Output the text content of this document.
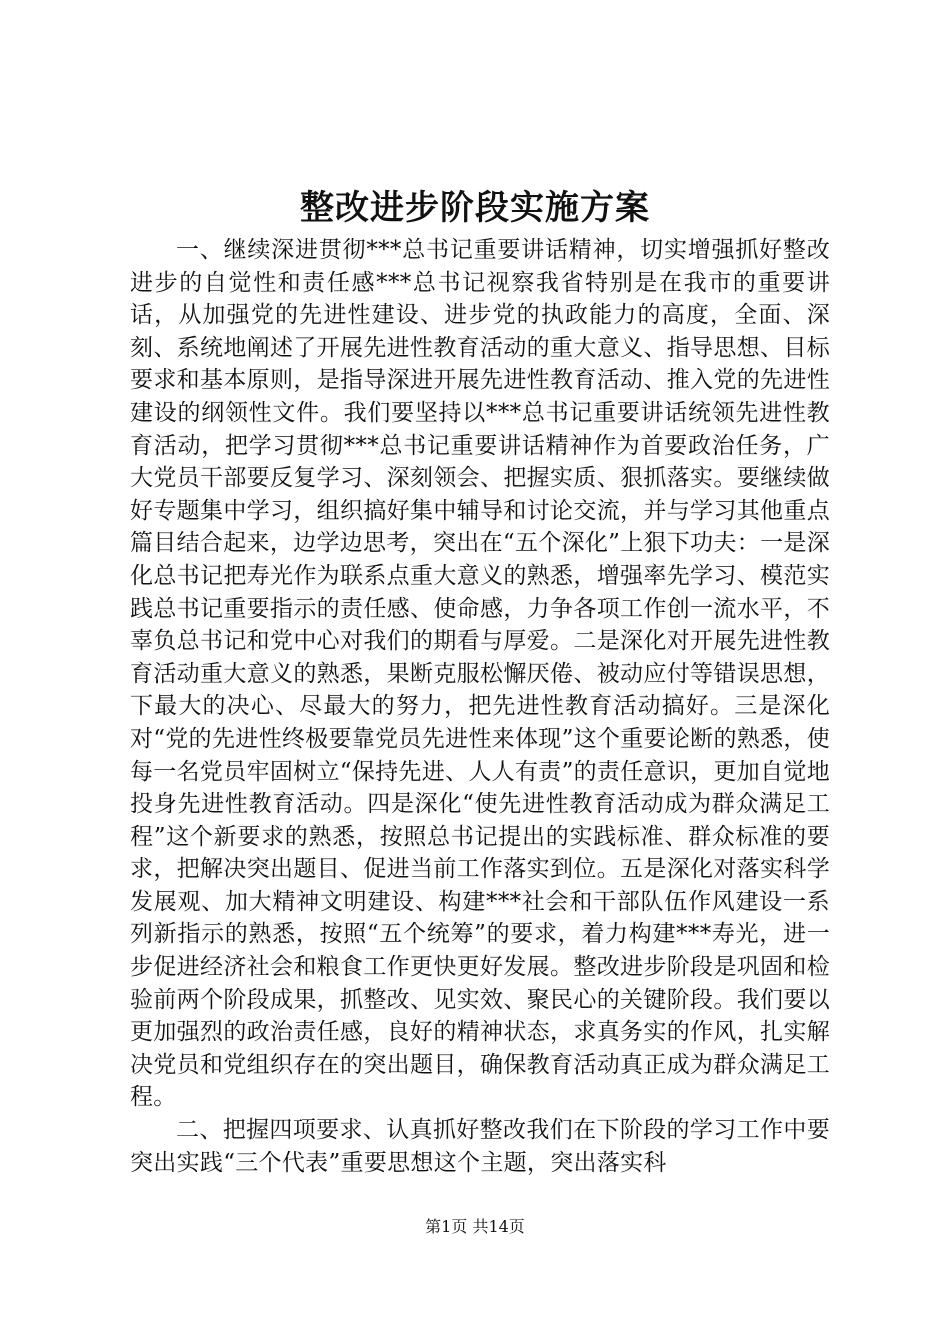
整改进步阶段实施方案

一、继续深进贯彻***总书记重要讲话精神，切实增强抓好整改进步的自觉性和责任感***总书记视察我省特别是在我市的重要讲话，从加强党的先进性建设、进步党的执政能力的高度，全面、深刻、系统地阐述了开展先进性教育活动的重大意义、指导思想、目标要求和基本原则，是指导深进开展先进性教育活动、推入党的先进性建设的纲领性文件。我们要坚持以***总书记重要讲话统领先进性教育活动，把学习贯彻***总书记重要讲话精神作为首要政治任务，广大党员干部要反复学习、深刻领会、把握实质、狠抓落实。要继续做好专题集中学习，组织搞好集中辅导和讨论交流，并与学习其他重点篇目结合起来，边学边思考，突出在“五个深化”上狠下功夫：一是深化总书记把寿光作为联系点重大意义的熟悉，增强率先学习、模范实践总书记重要指示的责任感、使命感，力争各项工作创一流水平，不辜负总书记和党中心对我们的期看与厚爱。二是深化对开展先进性教育活动重大意义的熟悉，果断克服松懈厌倦、被动应付等错误思想，下最大的决心、尽最大的努力，把先进性教育活动搞好。三是深化对“党的先进性终极要靠党员先进性来体现”这个重要论断的熟悉，使每一名党员牢固树立“保持先进、人人有责”的责任意识，更加自觉地投身先进性教育活动。四是深化“使先进性教育活动成为群众满足工程”这个新要求的熟悉，按照总书记提出的实践标准、群众标准的要求，把解决突出题目、促进当前工作落实到位。五是深化对落实科学发展观、加大精神文明建设、构建***社会和干部队伍作风建设一系列新指示的熟悉，按照“五个统筹”的要求，着力构建***寿光，进一步促进经济社会和粮食工作更快更好发展。整改进步阶段是巩固和检验前两个阶段成果，抓整改、见实效、聚民心的关键阶段。我们要以更加强烈的政治责任感，良好的精神状态，求真务实的作风，扎实解决党员和党组织存在的突出题目，确保教育活动真正成为群众满足工程。

二、把握四项要求、认真抓好整改我们在下阶段的学习工作中要突出实践“三个代表”重要思想这个主题，突出落实科

第1页 共14页
